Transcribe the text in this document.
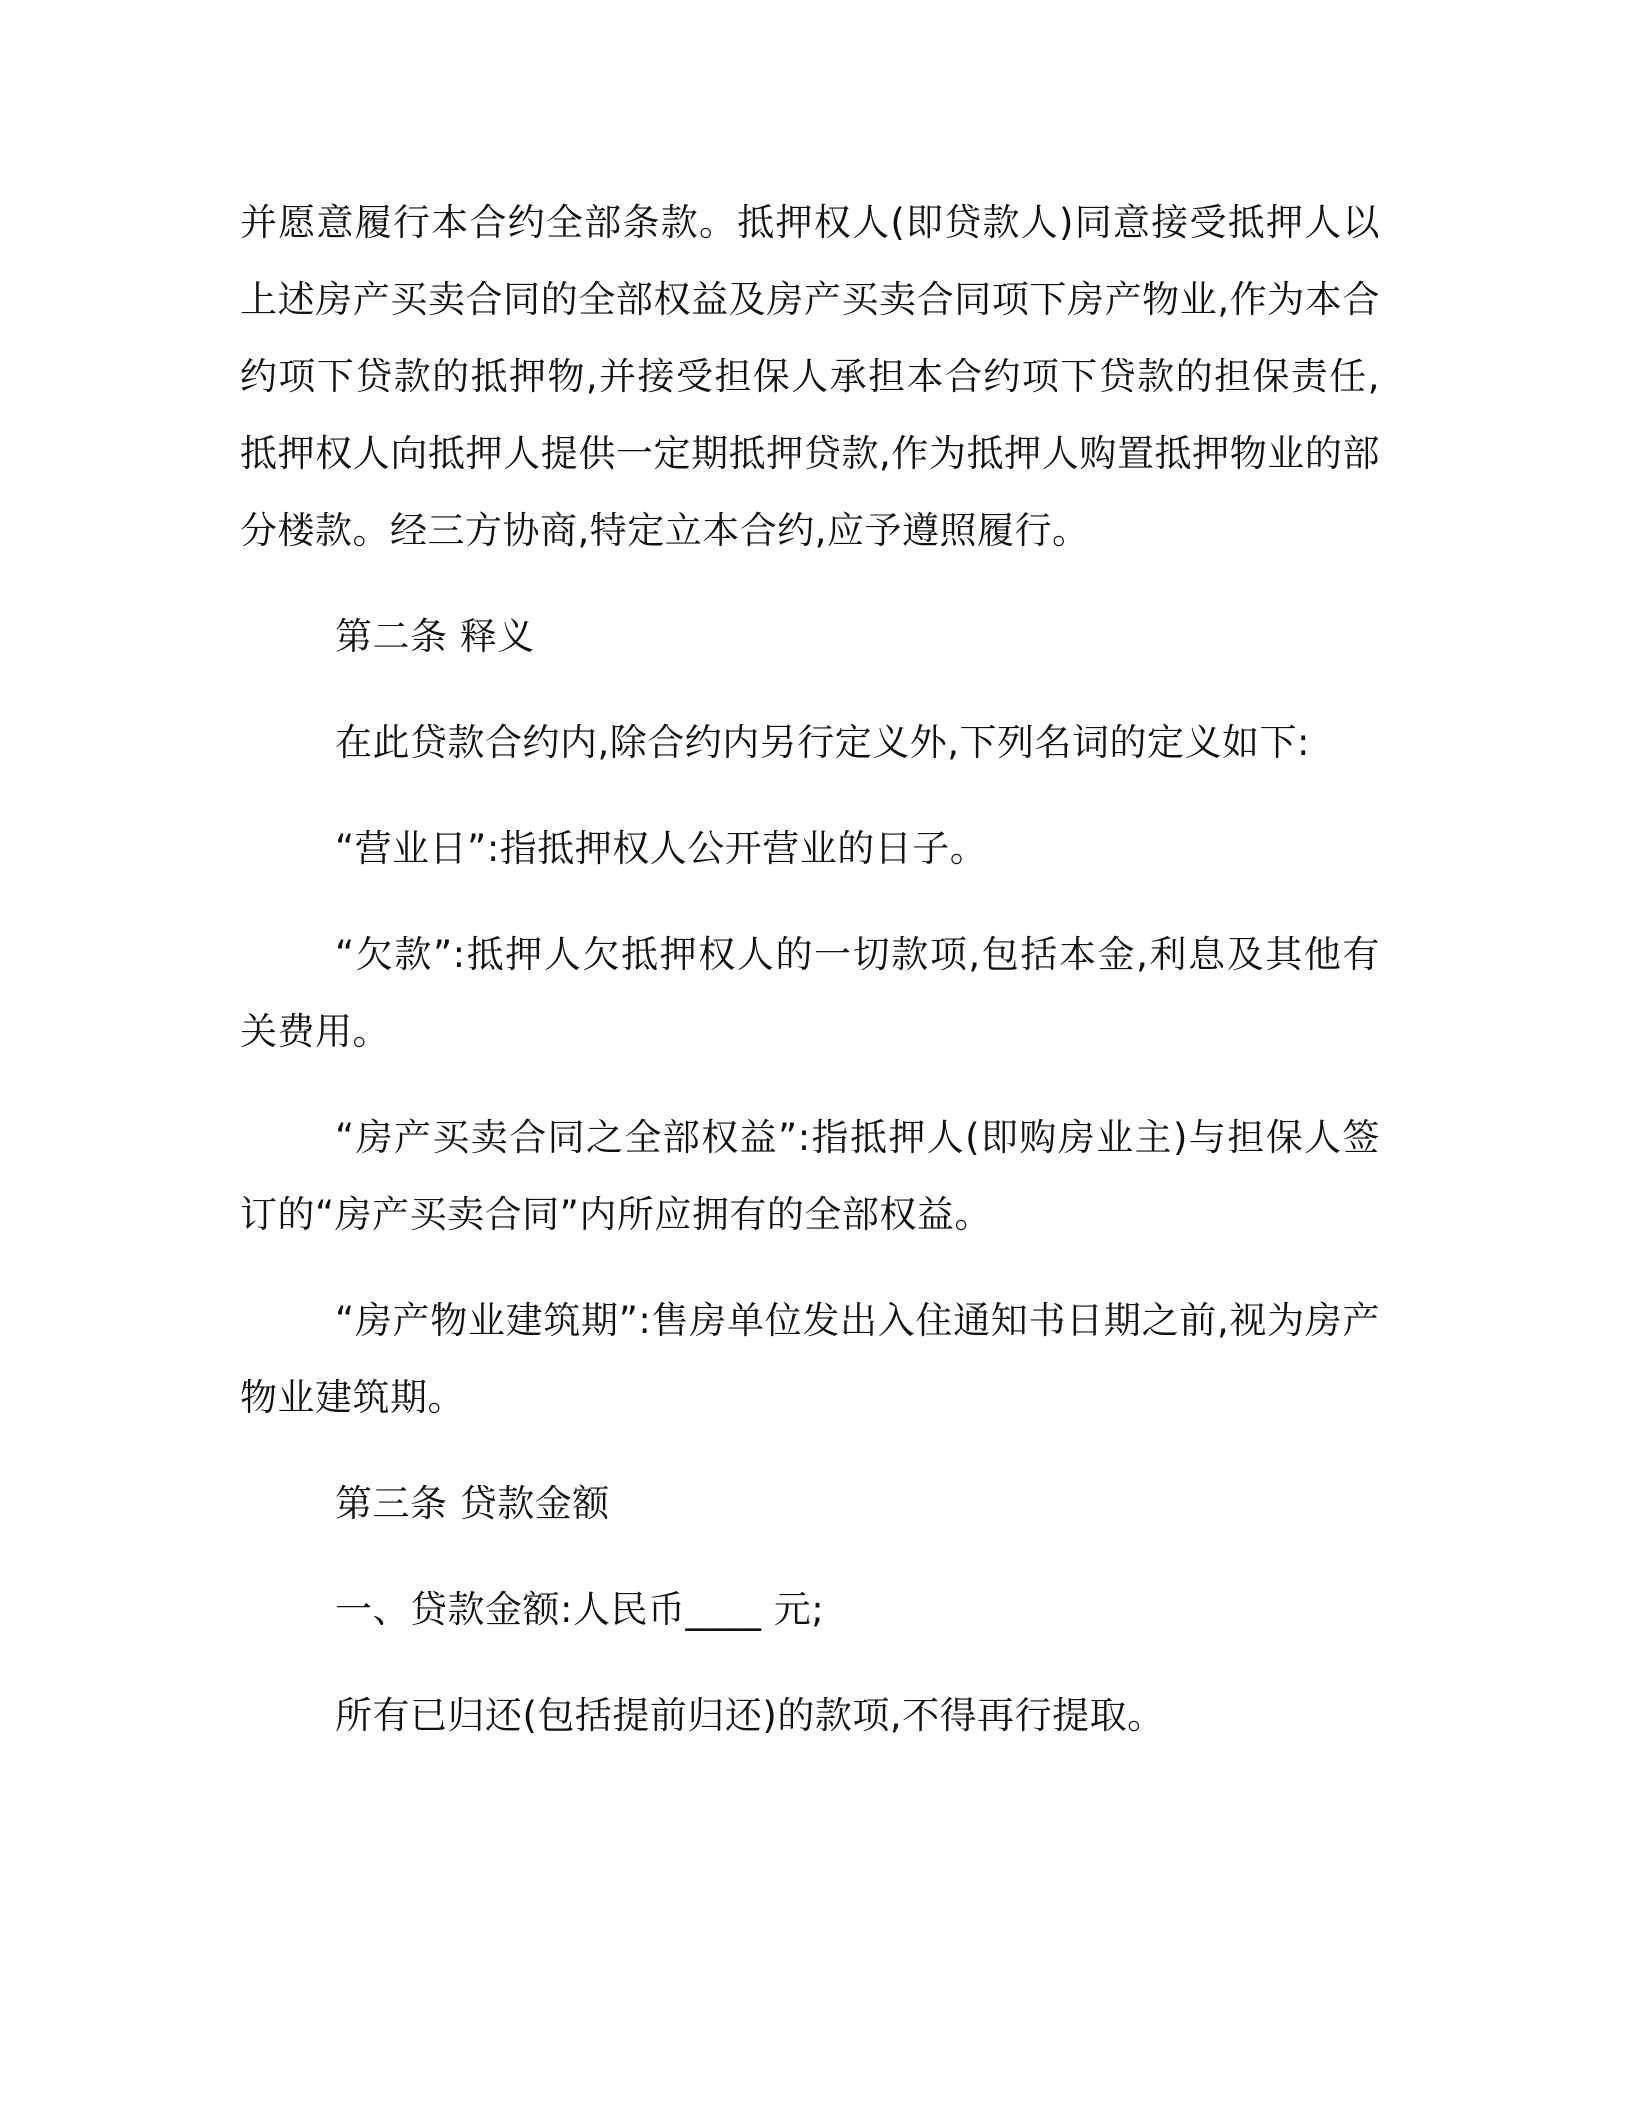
并愿意履行本合约全部条款。抵押权人(即贷款人)同意接受抵押人以上述房产买卖合同的全部权益及房产买卖合同项下房产物业,作为本合约项下贷款的抵押物,并接受担保人承担本合约项下贷款的担保责任,抵押权人向抵押人提供一定期抵押贷款,作为抵押人购置抵押物业的部分楼款。经三方协商,特定立本合约,应予遵照履行。

第二条 释义

在此贷款合约内,除合约内另行定义外,下列名词的定义如下:

“营业日”:指抵押权人公开营业的日子。

“欠款”:抵押人欠抵押权人的一切款项,包括本金,利息及其他有关费用。

“房产买卖合同之全部权益”:指抵押人(即购房业主)与担保人签订的“房产买卖合同”内所应拥有的全部权益。

“房产物业建筑期”:售房单位发出入住通知书日期之前,视为房产物业建筑期。

第三条 贷款金额

一、贷款金额:人民币____ 元;

所有已归还(包括提前归还)的款项,不得再行提取。
